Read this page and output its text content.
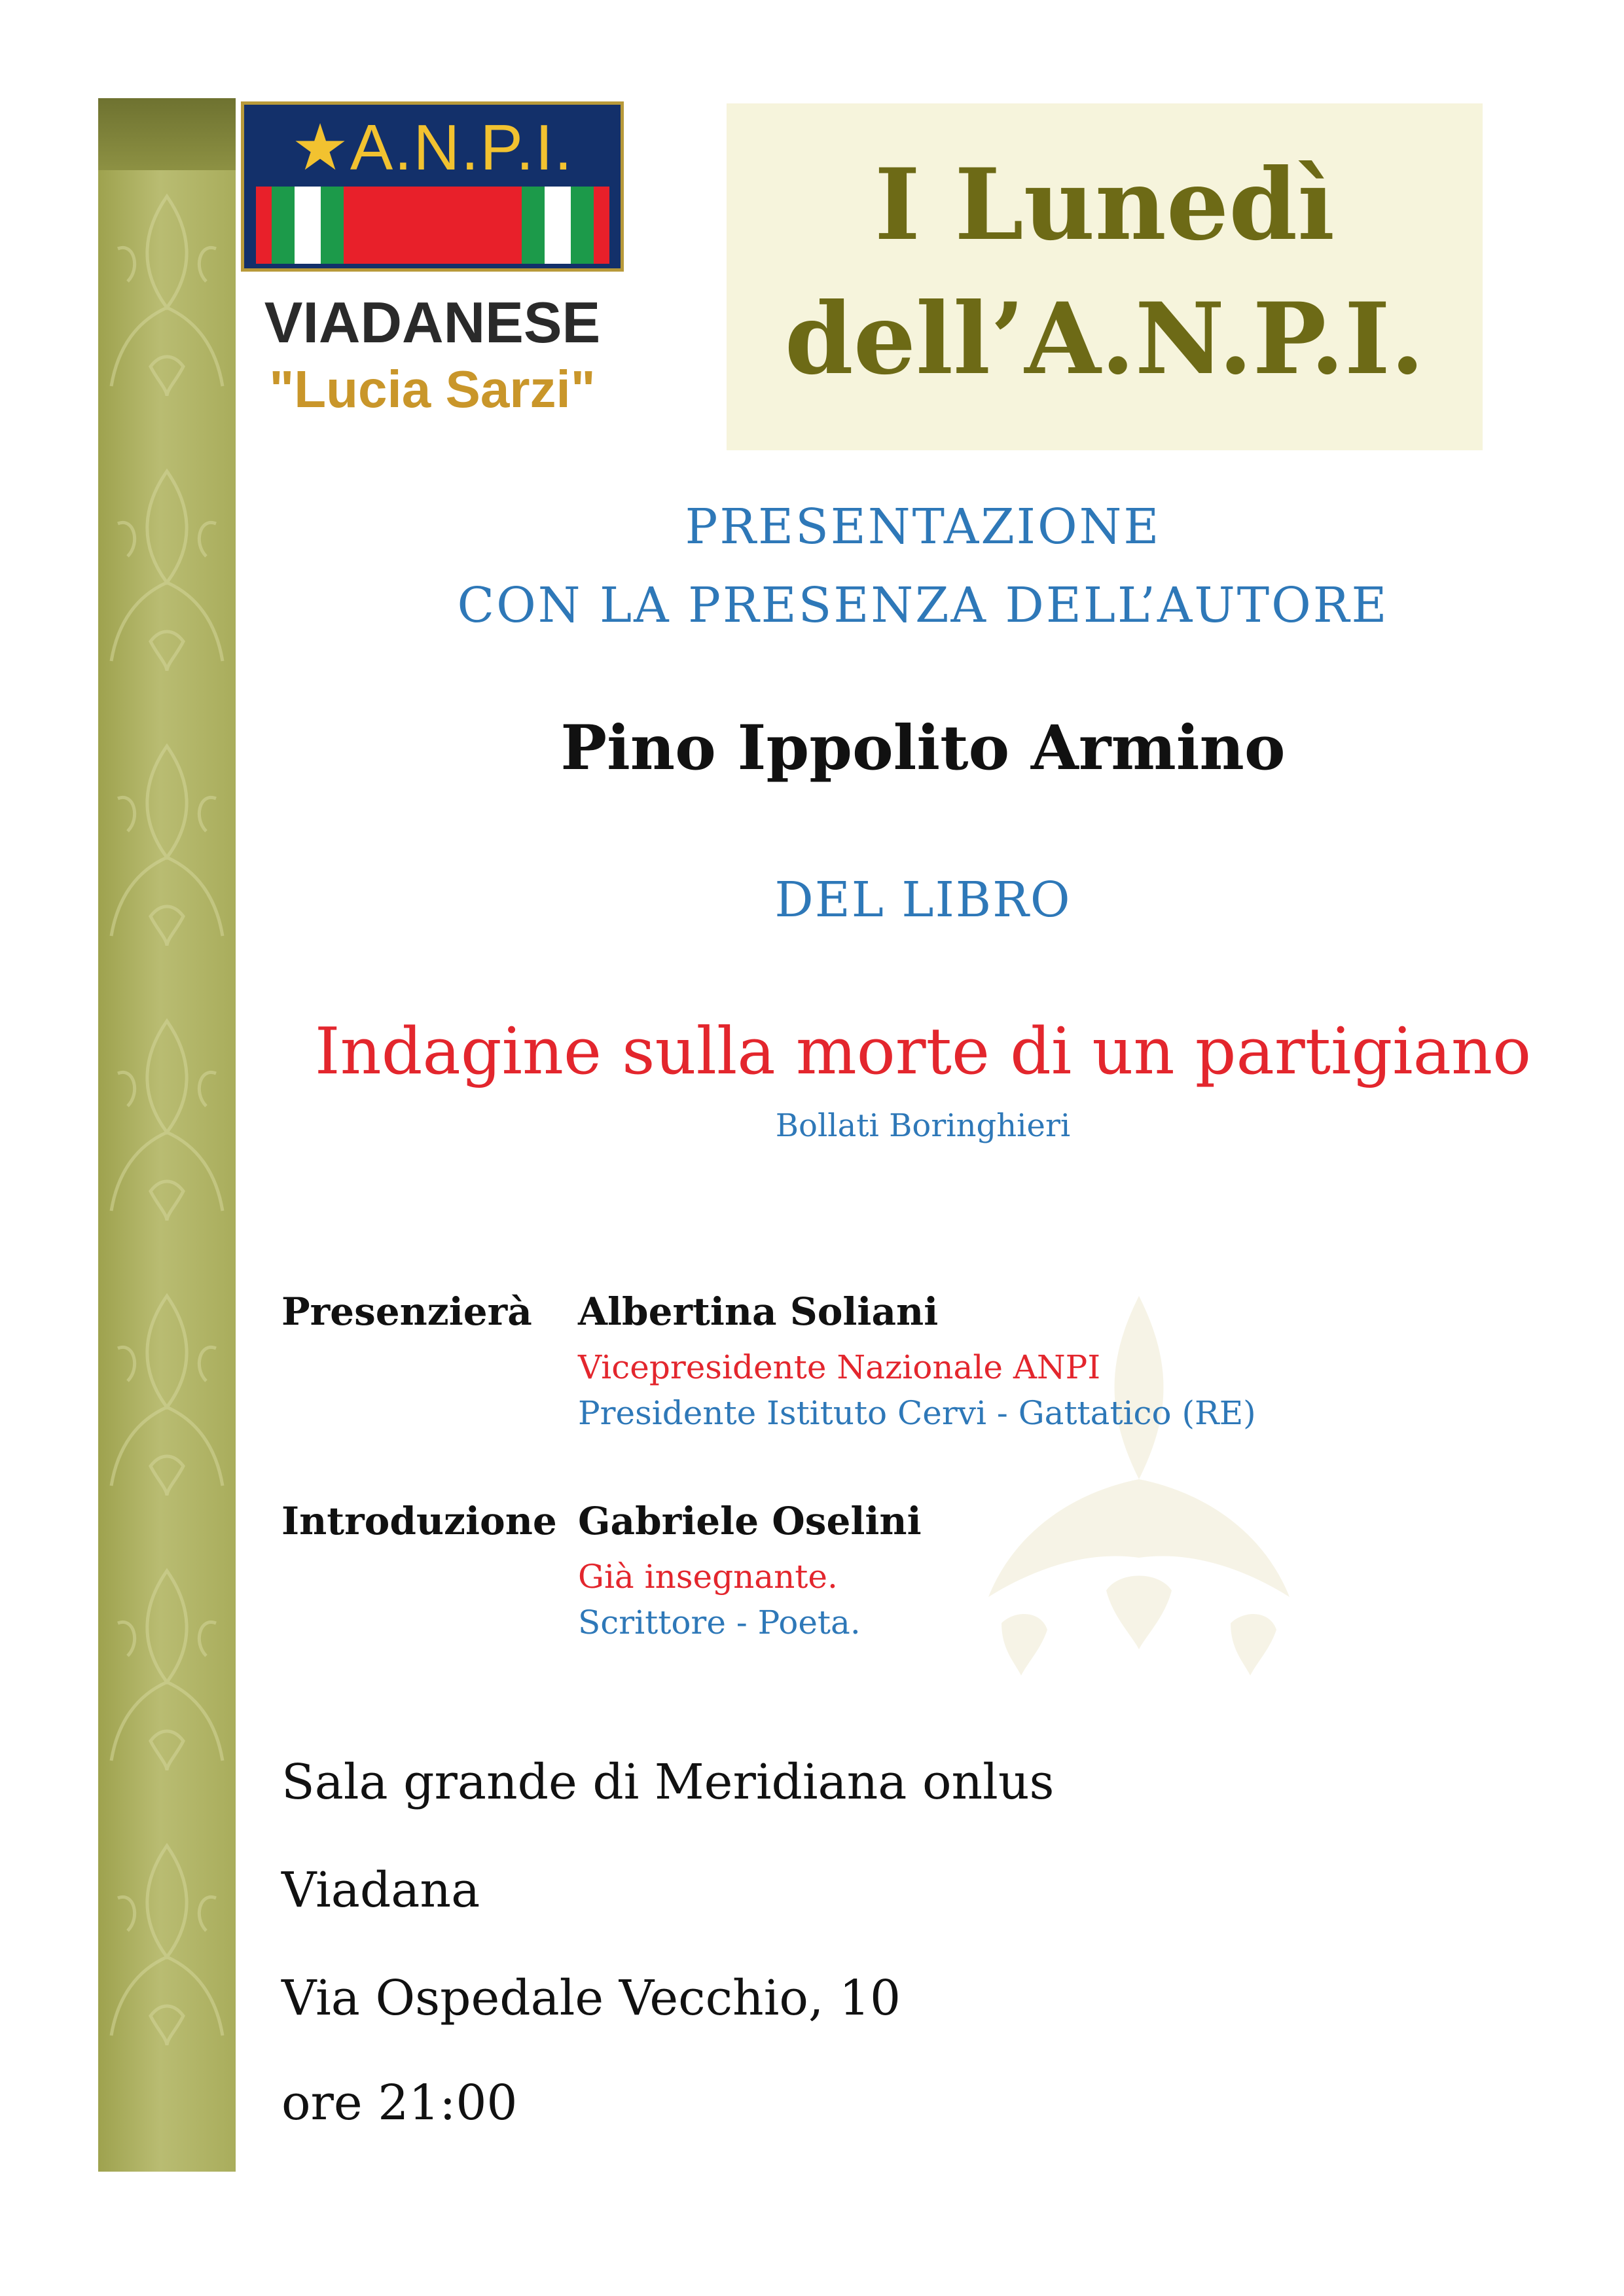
★A.N.P.I.
VIADANESE
"Lucia Sarzi"
I Lunedì
dell’A.N.P.I.
PRESENTAZIONE
CON LA PRESENZA DELL’AUTORE
Pino Ippolito Armino
DEL LIBRO
Indagine sulla morte di un partigiano
Bollati Boringhieri
Presenzierà Albertina Soliani
Vicepresidente Nazionale ANPI
Presidente Istituto Cervi - Gattatico (RE)
Introduzione Gabriele Oselini
Già insegnante.
Scrittore - Poeta.
Sala grande di Meridiana onlus
Viadana
Via Ospedale Vecchio, 10
ore 21:00
